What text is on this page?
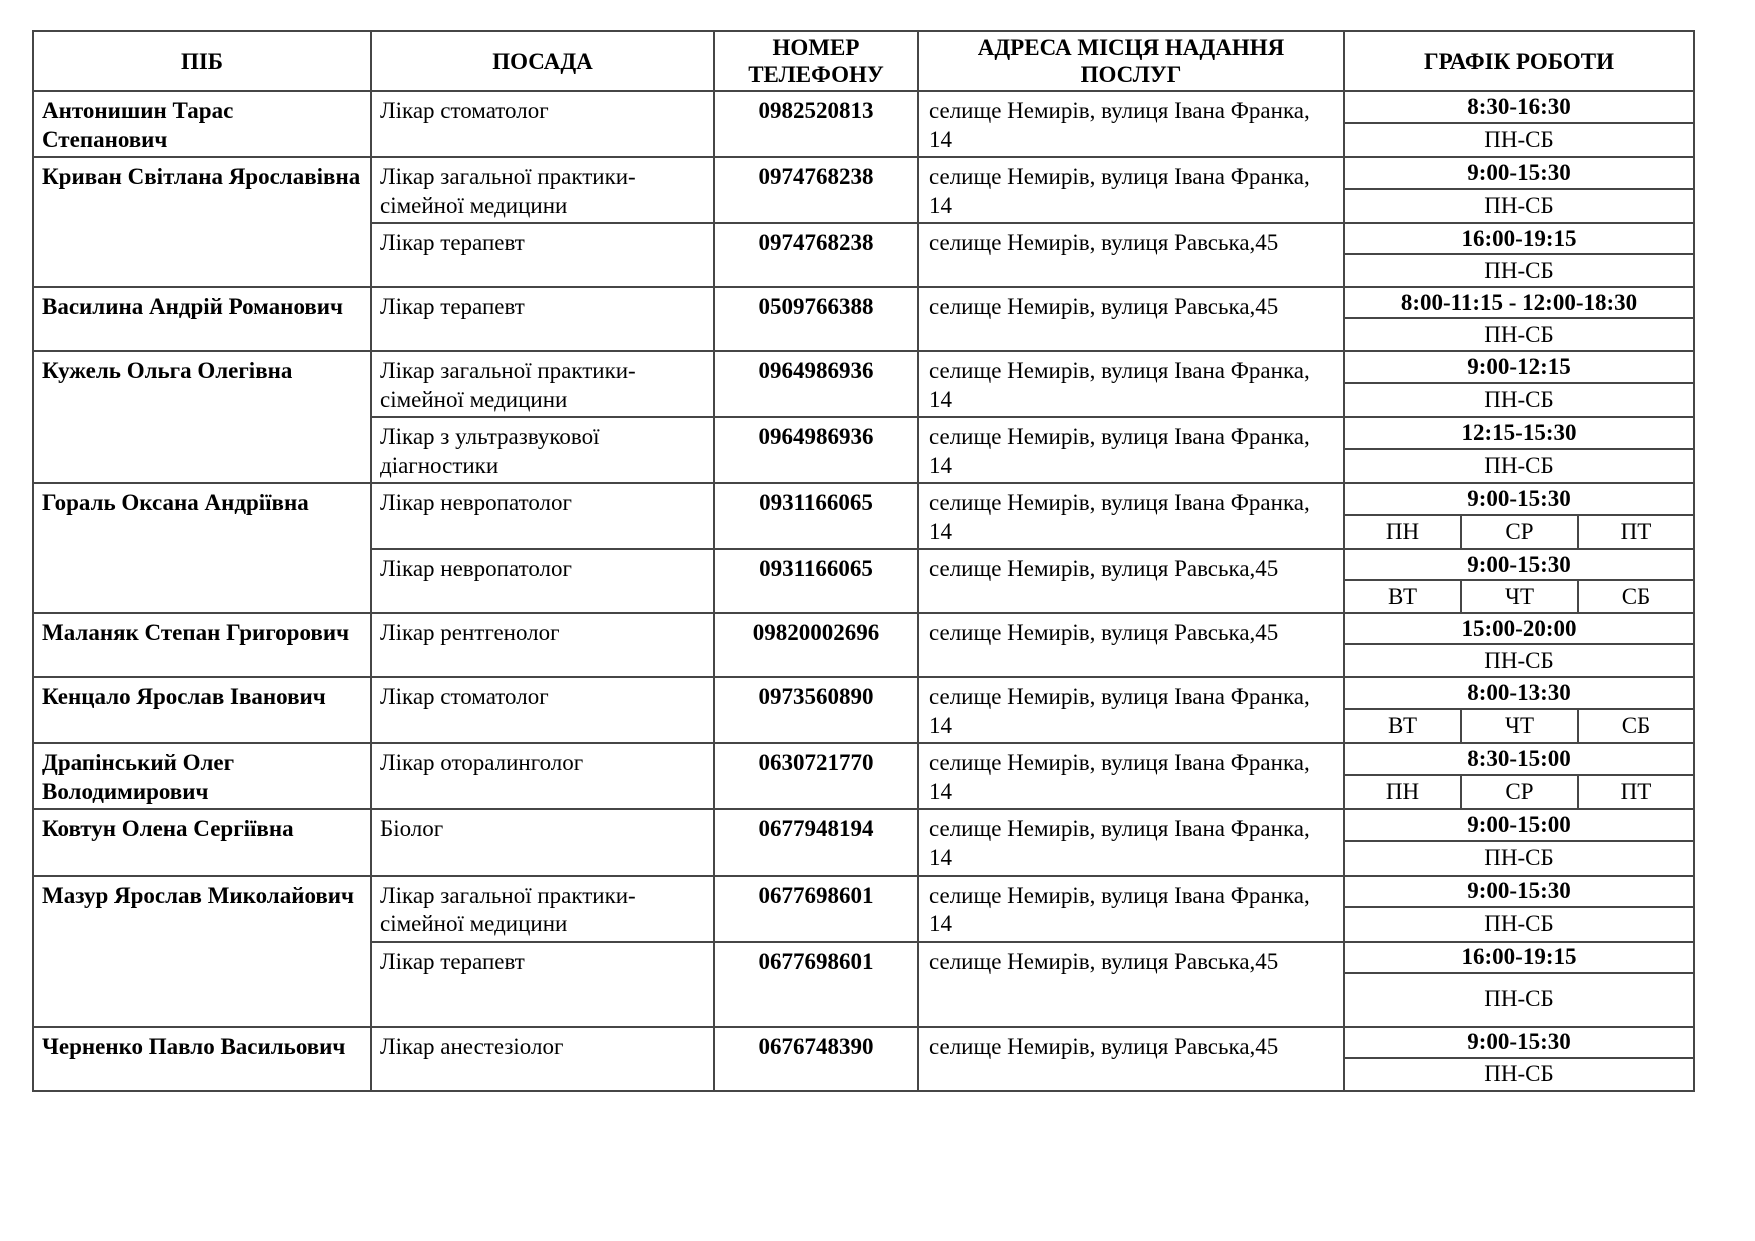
ПІБ	ПОСАДА	НОМЕР ТЕЛЕФОНУ	АДРЕСА МІСЦЯ НАДАННЯ ПОСЛУГ	ГРАФІК РОБОТИ		
Антонишин Тарас Степанович	Лікар стоматолог	0982520813	селище Немирів, вулиця Івана Франка, 14	8:30-16:30		
				ПН-СБ		
Криван Світлана Ярославівна	Лікар загальної практики-сімейної медицини	0974768238	селище Немирів, вулиця Івана Франка, 14	9:00-15:30		
				ПН-СБ		
	Лікар терапевт	0974768238	селище Немирів, вулиця Равська,45	16:00-19:15		
				ПН-СБ		
Василина Андрій Романович	Лікар терапевт	0509766388	селище Немирів, вулиця Равська,45	8:00-11:15 - 12:00-18:30		
				ПН-СБ		
Кужель Ольга Олегівна	Лікар загальної практики-сімейної медицини	0964986936	селище Немирів, вулиця Івана Франка, 14	9:00-12:15		
				ПН-СБ		
	Лікар з ультразвукової діагностики	0964986936	селище Немирів, вулиця Івана Франка, 14	12:15-15:30		
				ПН-СБ		
Гораль Оксана Андріївна	Лікар невропатолог	0931166065	селище Немирів, вулиця Івана Франка, 14	9:00-15:30		
				ПН	СР	ПТ
	Лікар невропатолог	0931166065	селище Немирів, вулиця Равська,45	9:00-15:30		
				ВТ	ЧТ	СБ
Маланяк Степан Григорович	Лікар рентгенолог	09820002696	селище Немирів, вулиця Равська,45	15:00-20:00		
				ПН-СБ		
Кенцало Ярослав Іванович	Лікар стоматолог	0973560890	селище Немирів, вулиця Івана Франка, 14	8:00-13:30		
				ВТ	ЧТ	СБ
Драпінський Олег Володимирович	Лікар оторалинголог	0630721770	селище Немирів, вулиця Івана Франка, 14	8:30-15:00		
				ПН	СР	ПТ
Ковтун Олена Сергіївна	Біолог	0677948194	селище Немирів, вулиця Івана Франка, 14	9:00-15:00		
				ПН-СБ		
Мазур Ярослав Миколайович	Лікар загальної практики-сімейної медицини	0677698601	селище Немирів, вулиця Івана Франка, 14	9:00-15:30		
				ПН-СБ		
	Лікар терапевт	0677698601	селище Немирів, вулиця Равська,45	16:00-19:15		
				ПН-СБ		
Черненко Павло Васильович	Лікар анестезіолог	0676748390	селище Немирів, вулиця Равська,45	9:00-15:30		
				ПН-СБ		
